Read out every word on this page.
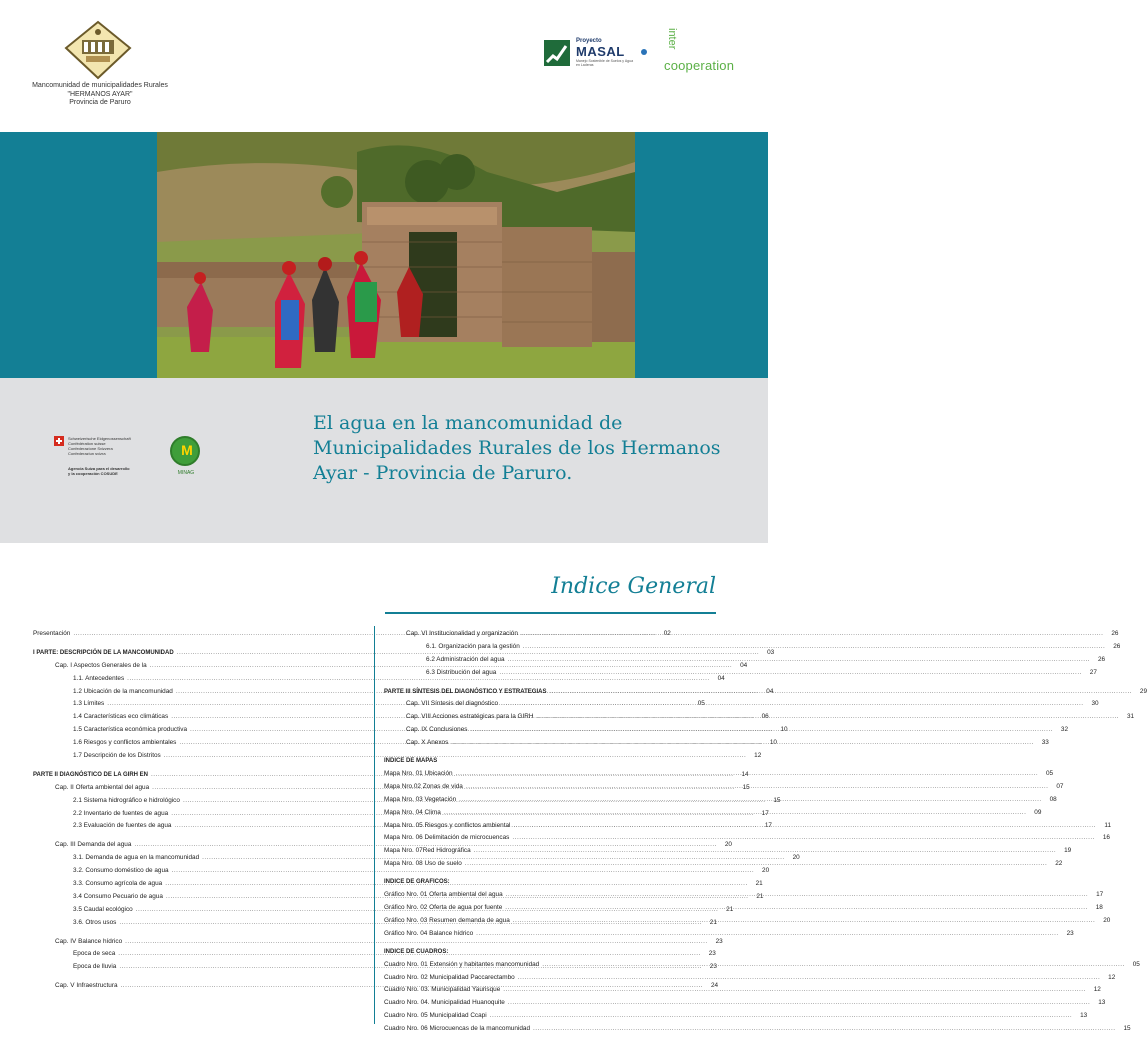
Mancomunidad de municipalidades Rurales
"HERMANOS AYAR"
Provincia de Paruro
Proyecto
MASAL
Manejo Sostenible de Suelos y Agua en Laderas
inter
cooperation
Schweizerische Eidgenossenschaft
Confédération suisse
Confederazione Svizzera
Confederaziun svizra
Agencia Suiza para el desarrollo
y la cooperación COSUDE
M
MINAG
El agua en la mancomunidad de Municipalidades Rurales de los Hermanos Ayar - Provincia de Paruro.
Indice General
Presentación .....	02
I PARTE: DESCRIPCIÓN DE LA MANCOMUNIDAD .....	03
Cap. I Aspectos Generales de la .....	04
1.1. Antecedentes .....	04
1.2 Ubicación de la mancomunidad .....	04
1.3 Límites .....	05
1.4 Características eco climáticas .....	06
1.5 Característica económica productiva .....	10
1.6 Riesgos y conflictos ambientales .....	10
1.7 Descripción de los Distritos .....	12
PARTE II DIAGNÓSTICO DE LA GIRH EN .....	14
Cap. II Oferta ambiental del agua .....	15
2.1 Sistema hidrográfico e hidrológico .....	15
2.2 Inventario de fuentes de agua .....	17
2.3 Evaluación de fuentes de agua .....	17
Cap. III Demanda del agua .....	20
3.1. Demanda de agua en la mancomunidad .....	20
3.2. Consumo doméstico de agua .....	20
3.3. Consumo agrícola de agua .....	21
3.4 Consumo Pecuario de agua .....	21
3.5 Caudal ecológico .....	21
3.6. Otros usos .....	21
Cap. IV Balance hídrico .....	23
Epoca de seca .....	23
Epoca de lluvia .....	23
Cap. V Infraestructura .....	24
Cap. VI Institucionalidad y organización .....	26
6.1. Organización para la gestión .....	26
6.2 Administración del agua .....	26
6.3 Distribución del agua .....	27
PARTE III SÍNTESIS DEL DIAGNÓSTICO Y ESTRATEGIAS .....	29
Cap. VII Síntesis del diagnóstico .....	30
Cap. VIII Acciones estratégicas para la GIRH .....	31
Cap. IX Conclusiones .....	32
Cap. X Anexos .....	33
INDICE DE MAPAS
Mapa Nro. 01 Ubicación .....	05
Mapa Nro.02 Zonas de vida .....	07
Mapa Nro. 03 Vegetación .....	08
Mapa Nro. 04 Clima .....	09
Mapa Nro. 05 Riesgos y conflictos ambiental .....	11
Mapa Nro. 06 Delimitación de microcuencas .....	16
Mapa Nro. 07Red Hidrográfica .....	19
Mapa Nro. 08 Uso de suelo .....	22
INDICE DE GRAFICOS:
Gráfico Nro. 01 Oferta ambiental del agua .....	17
Gráfico Nro. 02 Oferta de agua por fuente .....	18
Gráfico Nro. 03 Resumen demanda de agua .....	20
Gráfico Nro. 04 Balance hídrico .....	23
INDICE DE CUADROS:
Cuadro Nro. 01 Extensión y habitantes mancomunidad .....	05
Cuadro Nro. 02 Municipalidad Paccarectambo .....	12
Cuadro Nro. 03. Municipalidad Yaurisque .....	12
Cuadro Nro. 04. Municipalidad Huanoquite .....	13
Cuadro Nro. 05 Municipalidad Ccapi .....	13
Cuadro Nro. 06 Microcuencas de la mancomunidad .....	15
